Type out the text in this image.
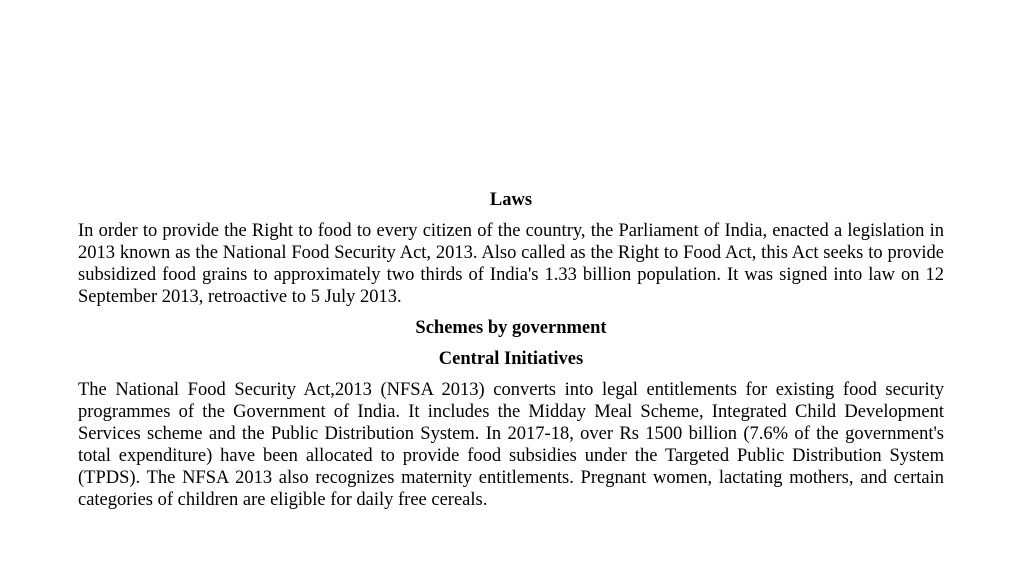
Laws

In order to provide the Right to food to every citizen of the country, the Parliament of India, enacted a legislation in 2013 known as the National Food Security Act, 2013. Also called as the Right to Food Act, this Act seeks to provide subsidized food grains to approximately two thirds of India's 1.33 billion population. It was signed into law on 12 September 2013, retroactive to 5 July 2013.

Schemes by government

Central Initiatives

The National Food Security Act,2013 (NFSA 2013) converts into legal entitlements for existing food security programmes of the Government of India. It includes the Midday Meal Scheme, Integrated Child Development Services scheme and the Public Distribution System. In 2017-18, over Rs 1500 billion (7.6% of the government's total expenditure) have been allocated to provide food subsidies under the Targeted Public Distribution System (TPDS). The NFSA 2013 also recognizes maternity entitlements. Pregnant women, lactating mothers, and certain categories of children are eligible for daily free cereals.
